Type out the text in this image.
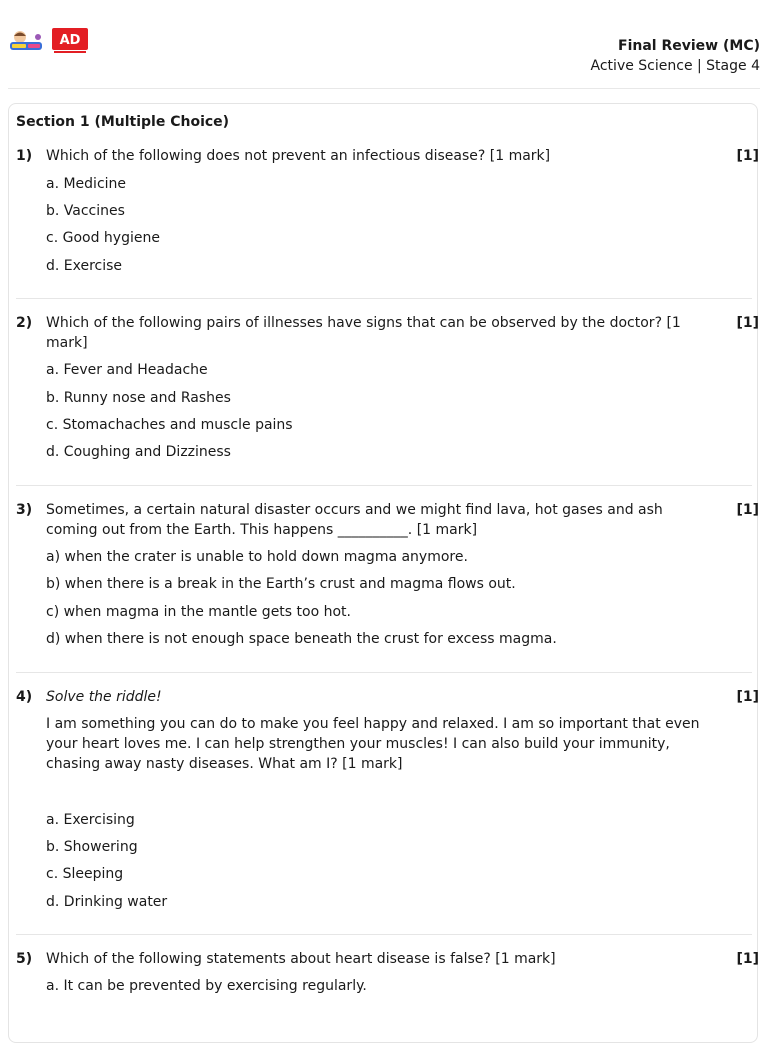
AD	Final Review (MC)
Active Science | Stage 4
Section 1 (Multiple Choice)
1) Which of the following does not prevent an infectious disease? [1 mark]	[1]
a. Medicine
b. Vaccines
c. Good hygiene
d. Exercise
2) Which of the following pairs of illnesses have signs that can be observed by the doctor? [1 mark]
[1]
a. Fever and Headache
b. Runny nose and Rashes
c. Stomachaches and muscle pains
d. Coughing and Dizziness
3) Sometimes, a certain natural disaster occurs and we might find lava, hot gases and ash coming out from the Earth. This happens __________. [1 mark]
[1]
a) when the crater is unable to hold down magma anymore.
b) when there is a break in the Earth’s crust and magma flows out.
c) when magma in the mantle gets too hot.
d) when there is not enough space beneath the crust for excess magma.
4) Solve the riddle!	[1]
I am something you can do to make you feel happy and relaxed. I am so important that even your heart loves me. I can help strengthen your muscles! I can also build your immunity, chasing away nasty diseases. What am I? [1 mark]
a. Exercising
b. Showering
c. Sleeping
d. Drinking water
5) Which of the following statements about heart disease is false? [1 mark]	[1]
a. It can be prevented by exercising regularly.
